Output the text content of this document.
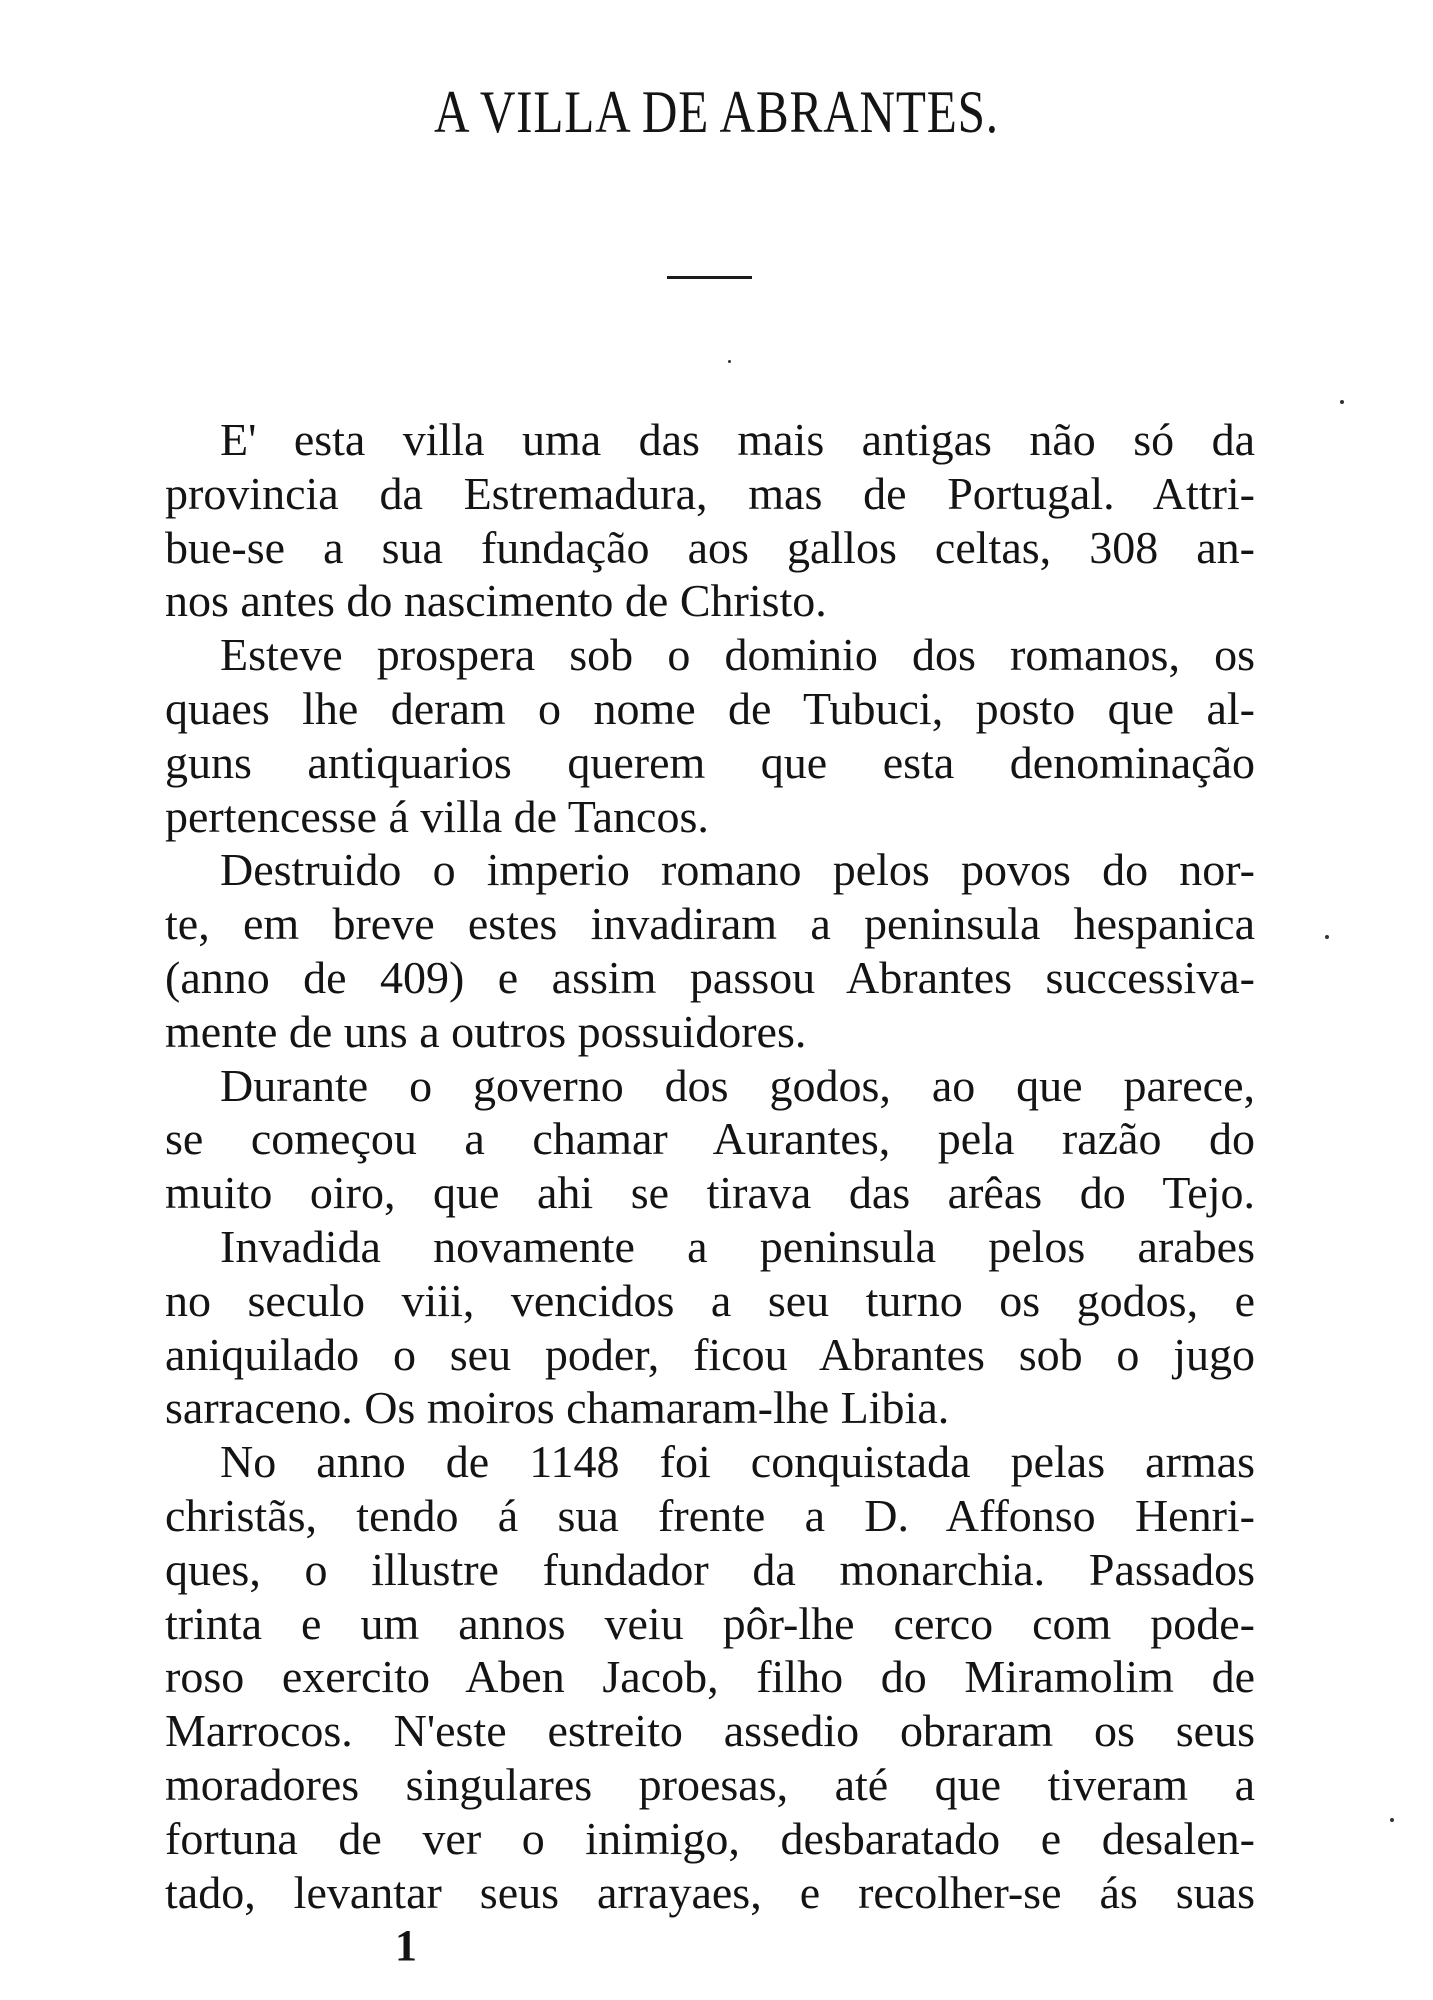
A VILLA DE ABRANTES.
E' esta villa uma das mais antigas não só da
provincia da Estremadura, mas de Portugal. Attri-
bue-se a sua fundação aos gallos celtas, 308 an-
nos antes do nascimento de Christo.
Esteve prospera sob o dominio dos romanos, os
quaes lhe deram o nome de Tubuci, posto que al-
guns antiquarios querem que esta denominação
pertencesse á villa de Tancos.
Destruido o imperio romano pelos povos do nor-
te, em breve estes invadiram a peninsula hespanica
(anno de 409) e assim passou Abrantes successiva-
mente de uns a outros possuidores.
Durante o governo dos godos, ao que parece,
se começou a chamar Aurantes, pela razão do
muito oiro, que ahi se tirava das arêas do Tejo.
Invadida novamente a peninsula pelos arabes
no seculo viii, vencidos a seu turno os godos, e
aniquilado o seu poder, ficou Abrantes sob o jugo
sarraceno. Os moiros chamaram-lhe Libia.
No anno de 1148 foi conquistada pelas armas
christãs, tendo á sua frente a D. Affonso Henri-
ques, o illustre fundador da monarchia. Passados
trinta e um annos veiu pôr-lhe cerco com pode-
roso exercito Aben Jacob, filho do Miramolim de
Marrocos. N'este estreito assedio obraram os seus
moradores singulares proesas, até que tiveram a
fortuna de ver o inimigo, desbaratado e desalen-
tado, levantar seus arrayaes, e recolher-se ás suas
1
